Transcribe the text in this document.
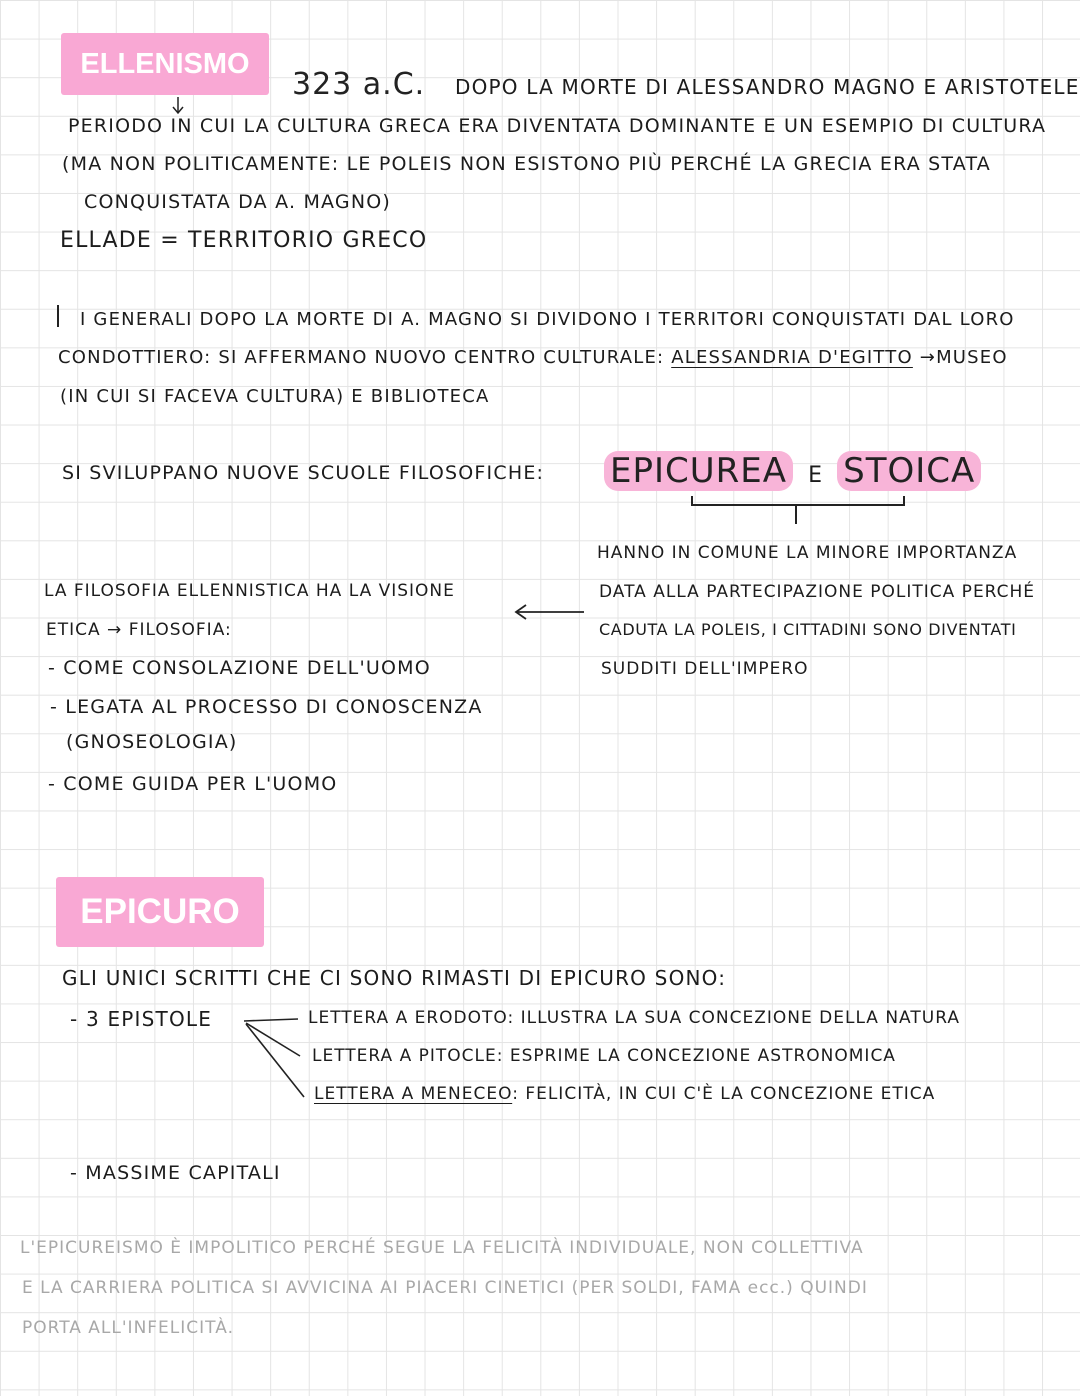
ELLENISMO
323 a.C. DOPO LA MORTE DI ALESSANDRO MAGNO E ARISTOTELE
PERIODO IN CUI LA CULTURA GRECA ERA DIVENTATA DOMINANTE E UN ESEMPIO DI CULTURA
(MA NON POLITICAMENTE: LE POLEIS NON ESISTONO PIÙ PERCHÉ LA GRECIA ERA STATA
CONQUISTATA DA A. MAGNO)
ELLADE = TERRITORIO GRECO
I GENERALI DOPO LA MORTE DI A. MAGNO SI DIVIDONO I TERRITORI CONQUISTATI DAL LORO
CONDOTTIERO: SI AFFERMANO NUOVO CENTRO CULTURALE: ALESSANDRIA D'EGITTO →MUSEO
(IN CUI SI FACEVA CULTURA) E BIBLIOTECA
SI SVILUPPANO NUOVE SCUOLE FILOSOFICHE: EPICUREA E STOICA
HANNO IN COMUNE LA MINORE IMPORTANZA
DATA ALLA PARTECIPAZIONE POLITICA PERCHÉ
CADUTA LA POLEIS, I CITTADINI SONO DIVENTATI
SUDDITI DELL'IMPERO
LA FILOSOFIA ELLENNISTICA HA LA VISIONE
ETICA → FILOSOFIA:
- COME CONSOLAZIONE DELL'UOMO
- LEGATA AL PROCESSO DI CONOSCENZA
(GNOSEOLOGIA)
- COME GUIDA PER L'UOMO
EPICURO
GLI UNICI SCRITTI CHE CI SONO RIMASTI DI EPICURO SONO:
- 3 EPISTOLE	LETTERA A ERODOTO: ILLUSTRA LA SUA CONCEZIONE DELLA NATURA
LETTERA A PITOCLE: ESPRIME LA CONCEZIONE ASTRONOMICA
LETTERA A MENECEO: FELICITÀ, IN CUI C'È LA CONCEZIONE ETICA
- MASSIME CAPITALI
L'EPICUREISMO È IMPOLITICO PERCHÉ SEGUE LA FELICITÀ INDIVIDUALE, NON COLLETTIVA
E LA CARRIERA POLITICA SI AVVICINA AI PIACERI CINETICI (PER SOLDI, FAMA ecc.) QUINDI
PORTA ALL'INFELICITÀ.
